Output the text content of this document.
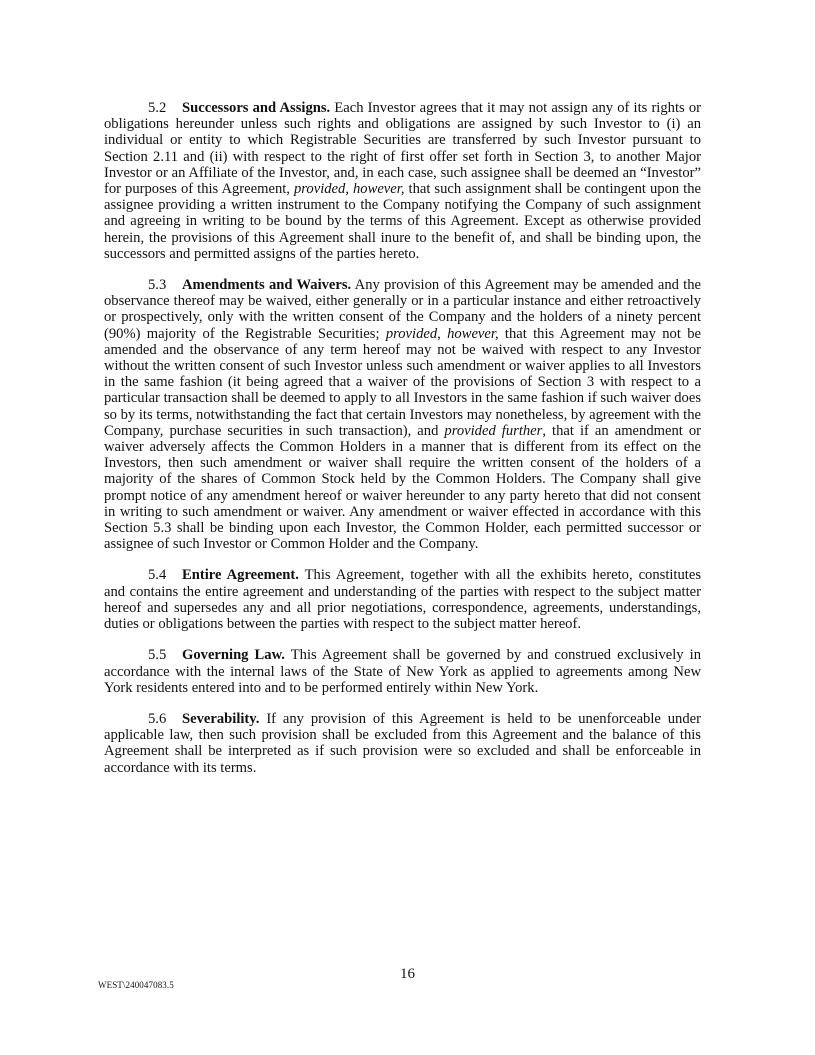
5.2 Successors and Assigns. Each Investor agrees that it may not assign any of its rights or obligations hereunder unless such rights and obligations are assigned by such Investor to (i) an individual or entity to which Registrable Securities are transferred by such Investor pursuant to Section 2.11 and (ii) with respect to the right of first offer set forth in Section 3, to another Major Investor or an Affiliate of the Investor, and, in each case, such assignee shall be deemed an “Investor” for purposes of this Agreement, provided, however, that such assignment shall be contingent upon the assignee providing a written instrument to the Company notifying the Company of such assignment and agreeing in writing to be bound by the terms of this Agreement. Except as otherwise provided herein, the provisions of this Agreement shall inure to the benefit of, and shall be binding upon, the successors and permitted assigns of the parties hereto.

5.3 Amendments and Waivers. Any provision of this Agreement may be amended and the observance thereof may be waived, either generally or in a particular instance and either retroactively or prospectively, only with the written consent of the Company and the holders of a ninety percent (90%) majority of the Registrable Securities; provided, however, that this Agreement may not be amended and the observance of any term hereof may not be waived with respect to any Investor without the written consent of such Investor unless such amendment or waiver applies to all Investors in the same fashion (it being agreed that a waiver of the provisions of Section 3 with respect to a particular transaction shall be deemed to apply to all Investors in the same fashion if such waiver does so by its terms, notwithstanding the fact that certain Investors may nonetheless, by agreement with the Company, purchase securities in such transaction), and provided further, that if an amendment or waiver adversely affects the Common Holders in a manner that is different from its effect on the Investors, then such amendment or waiver shall require the written consent of the holders of a majority of the shares of Common Stock held by the Common Holders. The Company shall give prompt notice of any amendment hereof or waiver hereunder to any party hereto that did not consent in writing to such amendment or waiver. Any amendment or waiver effected in accordance with this Section 5.3 shall be binding upon each Investor, the Common Holder, each permitted successor or assignee of such Investor or Common Holder and the Company.

5.4 Entire Agreement. This Agreement, together with all the exhibits hereto, constitutes and contains the entire agreement and understanding of the parties with respect to the subject matter hereof and supersedes any and all prior negotiations, correspondence, agreements, understandings, duties or obligations between the parties with respect to the subject matter hereof.

5.5 Governing Law. This Agreement shall be governed by and construed exclusively in accordance with the internal laws of the State of New York as applied to agreements among New York residents entered into and to be performed entirely within New York.

5.6 Severability. If any provision of this Agreement is held to be unenforceable under applicable law, then such provision shall be excluded from this Agreement and the balance of this Agreement shall be interpreted as if such provision were so excluded and shall be enforceable in accordance with its terms.

16
WEST\240047083.5
